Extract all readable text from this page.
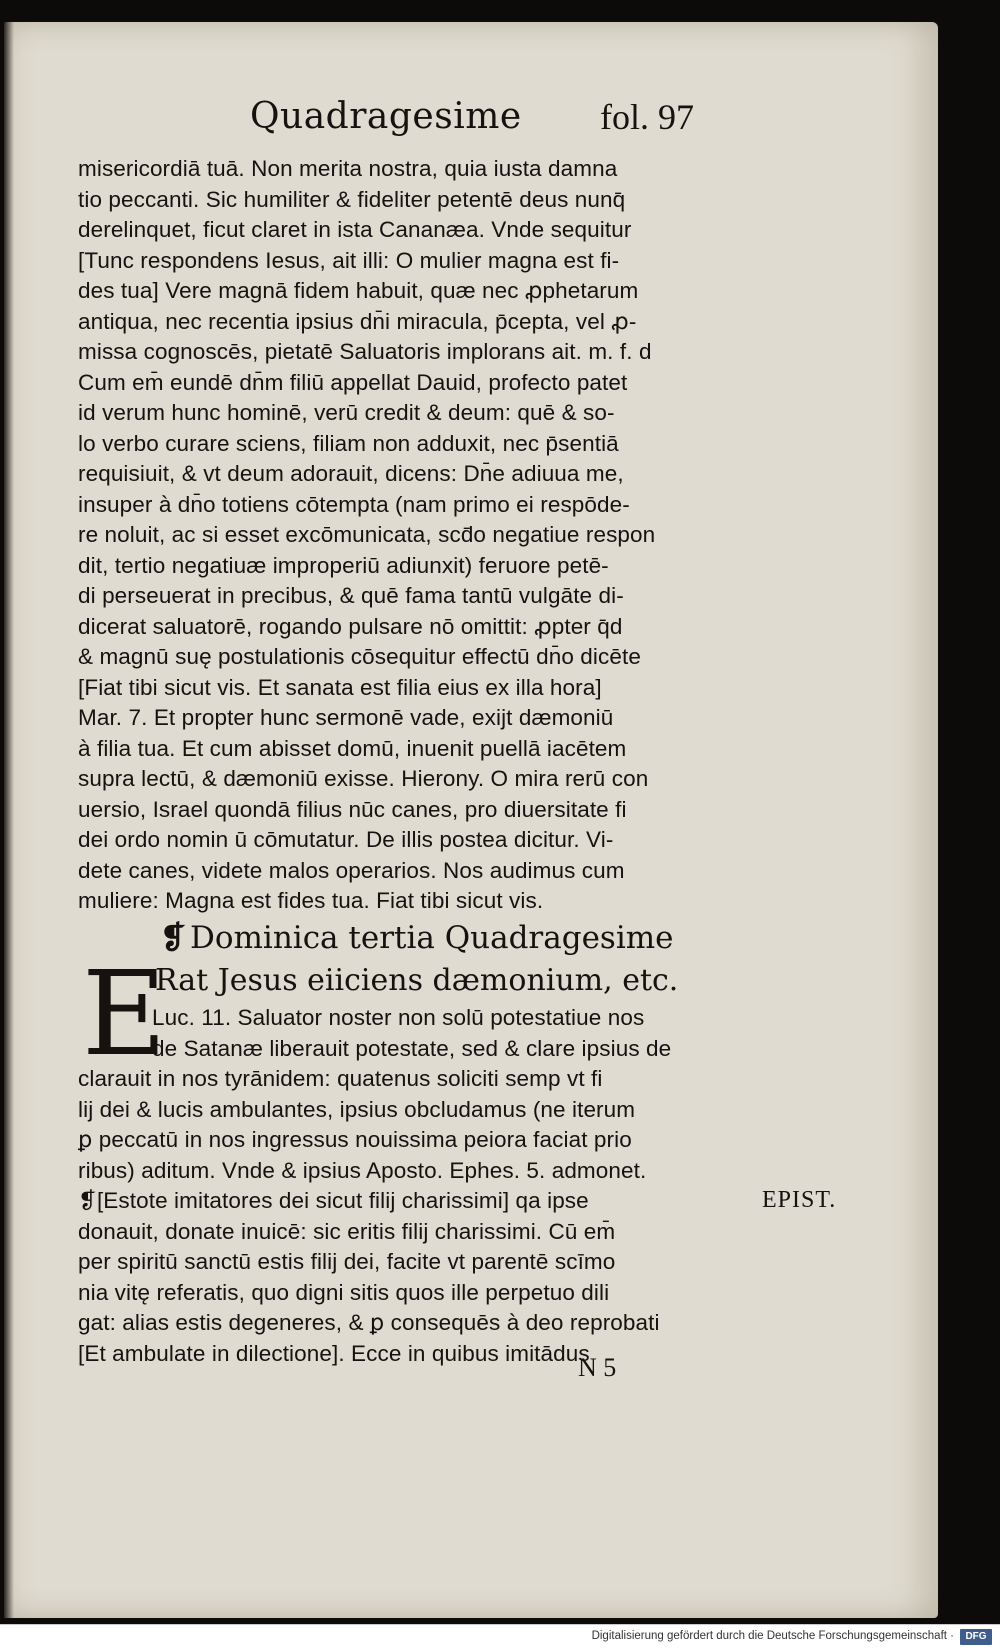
Quadragesime fol. 97
misericordiā tuā. Non merita nostra, quia iusta damna
tio peccanti. Sic humiliter & fideliter petentē deus nunq̄
derelinquet, ficut claret in ista Cananæa. Vnde sequitur
[Tunc respondens Iesus, ait illi: O mulier magna est fi-
des tua] Vere magnā fidem habuit, quæ nec ꝓphetarum
antiqua, nec recentia ipsius dn̄i miracula, p̄cepta, vel ꝓ-
missa cognoscēs, pietatē Saluatoris implorans ait. m. f. d
Cum em̄ eundē dn̄m filiū appellat Dauid, profecto patet
id verum hunc hominē, verū credit & deum: quē & so-
lo verbo curare sciens, filiam non adduxit, nec p̄sentiā
requisiuit, & vt deum adorauit, dicens: Dn̄e adiuua me,
insuper à dn̄o totiens cōtempta (nam primo ei respōde-
re noluit, ac si esset excōmunicata, scd̄o negatiue respon
dit, tertio negatiuæ improperiū adiunxit) feruore petē-
di perseuerat in precibus, & quē fama tantū vulgāte di-
dicerat saluatorē, rogando pulsare nō omittit: ꝓpter q̄d
& magnū suę postulationis cōsequitur effectū dn̄o dicēte
[Fiat tibi sicut vis. Et sanata est filia eius ex illa hora]
Mar. 7. Et propter hunc sermonē vade, exijt dæmoniū
à filia tua. Et cum abisset domū, inuenit puellā iacētem
supra lectū, & dæmoniū exisse. Hierony. O mira rerū con
uersio, Israel quondā filius nūc canes, pro diuersitate fi
dei ordo nomin ū cōmutatur. De illis postea dicitur. Vi-
dete canes, videte malos operarios. Nos audimus cum
muliere: Magna est fides tua. Fiat tibi sicut vis.
❡ Dominica tertia Quadragesime
E
Rat Jesus eiiciens dæmonium, etc.
Luc. 11. Saluator noster non solū potestatiue nos
de Satanæ liberauit potestate, sed & clare ipsius de
clarauit in nos tyrānidem: quatenus soliciti semp vt fi
lij dei & lucis ambulantes, ipsius obcludamus (ne iterum
ꝑ peccatū in nos ingressus nouissima peiora faciat prio
ribus) aditum. Vnde & ipsius Aposto. Ephes. 5. admonet.
❡[Estote imitatores dei sicut filij charissimi] qa ipse
donauit, donate inuicē: sic eritis filij charissimi. Cū em̄
per spiritū sanctū estis filij dei, facite vt parentē scīmo
nia vitę referatis, quo digni sitis quos ille perpetuo dili
gat: alias estis degeneres, & ꝑ consequēs à deo reprobati
[Et ambulate in dilectione]. Ecce in quibus imitādus
EPIST.
N 5
Digitalisierung gefördert durch die Deutsche Forschungsgemeinschaft ·	DFG
